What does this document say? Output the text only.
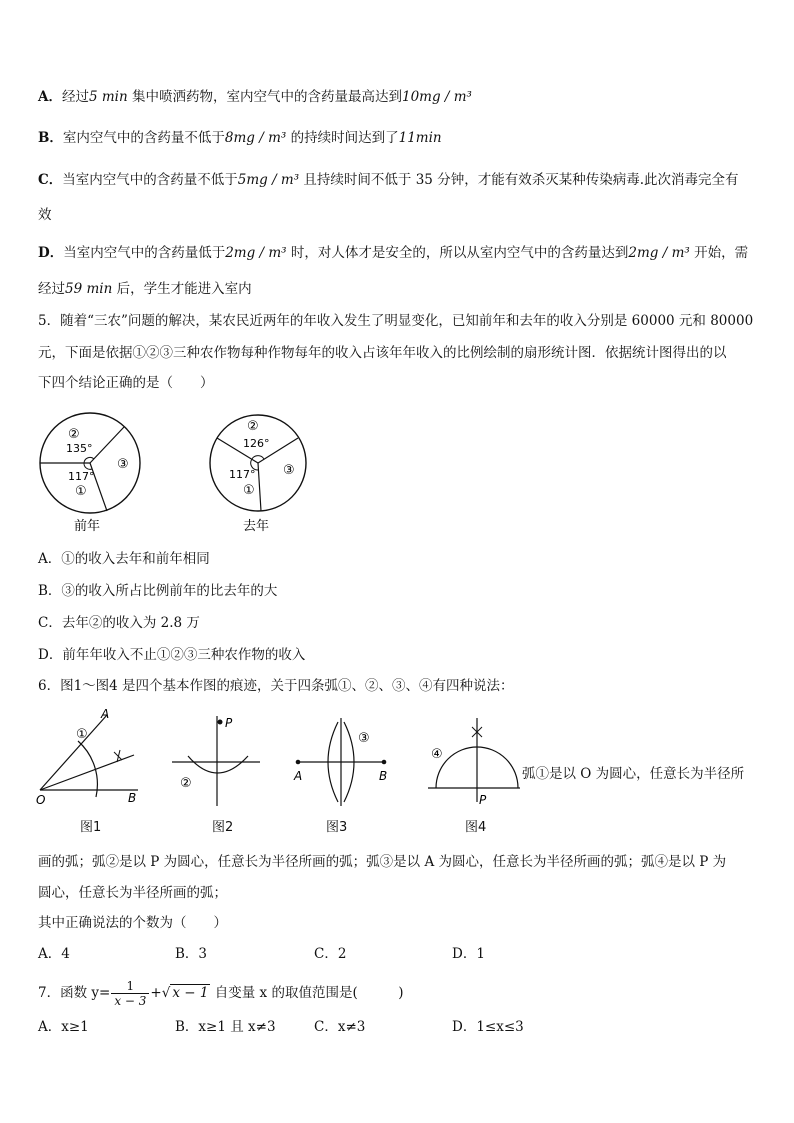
A．经过5 min 集中喷洒药物，室内空气中的含药量最高达到10mg / m³
B．室内空气中的含药量不低于8mg / m³ 的持续时间达到了11min
C．当室内空气中的含药量不低于5mg / m³ 且持续时间不低于 35 分钟，才能有效杀灭某种传染病毒.此次消毒完全有
效
D．当室内空气中的含药量低于2mg / m³ 时，对人体才是安全的，所以从室内空气中的含药量达到2mg / m³ 开始，需
经过59 min 后，学生才能进入室内
5．随着“三农”问题的解决，某农民近两年的年收入发生了明显变化，已知前年和去年的收入分别是 60000 元和 80000
元，下面是依据①②③三种农作物每种作物每年的收入占该年年收入的比例绘制的扇形统计图．依据统计图得出的以
下四个结论正确的是（　　）
②
135°
117°
③
①
前年
②
126°
117° ③
①
去年
A．①的收入去年和前年相同
B．③的收入所占比例前年的比去年的大
C．去年②的收入为 2.8 万
D．前年年收入不止①②③三种农作物的收入
6．图1～图4 是四个基本作图的痕迹，关于四条弧①、②、③、④有四种说法：
A
O	B
①
图1
P
②
图2
A	B
③
图3
P
④
图4
弧①是以 O 为圆心，任意长为半径所
画的弧；弧②是以 P 为圆心，任意长为半径所画的弧；弧③是以 A 为圆心，任意长为半径所画的弧；弧④是以 P 为
圆心，任意长为半径所画的弧；
其中正确说法的个数为（　　）
A．4	B．3	C．2	D．1
7．函数 $y= \frac{1}{x - 3}$ +√ x − 1 自变量 x 的取值范围是(　　　)
A．x≥1	B．x≥1 且 x≠3	C．x≠3	D．1≤x≤3
